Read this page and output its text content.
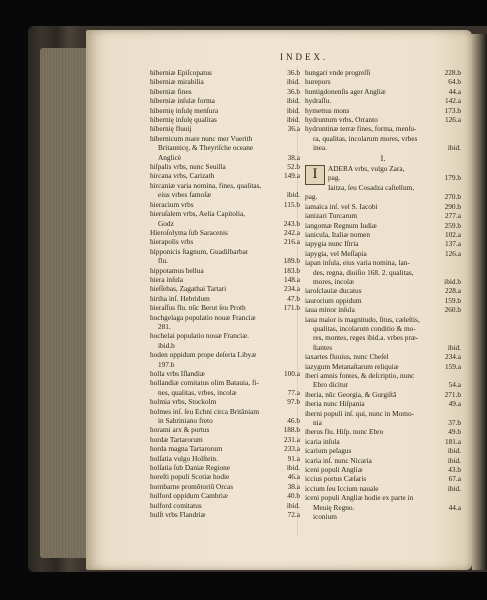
INDEX.
hiberniæ Epiſcopatus	36.b
hiberniæ mirabilia	ibid.
hiberniæ fines	36.b
hiberniæ inſulæ forma	ibid.
hibernię inſulę menſura	ibid.
hibernię inſulę qualitas	ibid.
hibernię fluuij	36.a
hibernicum mare nunc mer Vuerith
Britannicę, & Theyriſche oceane
Anglicè	38.a
hiſpalis vrbs, nunc Seuilla	52.b
hircana vrbs, Carizath	149.a
hircaniæ varia nomina, fines, qualitas,
eius vrbes famoſæ	ibid.
hieracium vrbs	115.b
hieruſalem vrbs, Aelia Capitolia,
Godz	243.b
Hieroſolyma ſub Saracenis	242.a
hierapolis vrbs	216.a
hipponicis ſtagnum, Guadilbarbar
flu.	189.b
hippotamus bellua	183.b
hiera inſula	148.a
hieſſebas, Zagathai Tartari	234.a
hirtha inſ. Hebridum	47.b
hieraſſus flu. nūc Berut ſeu Proth	171.b
hochgelaga populatio nouæ Franciæ
281.
hochelai populatio nouæ Franciæ.
ibid.b
hoden oppidum prope deſerta Libyæ
197.b
holla vrbs Iſlandiæ	100.a
hollandiæ comitatus olim Batauia, fi-
nes, qualitas, vrbes, incolæ	77.a
holmia vrbs, Stockolm	97.b
holmes inſ. ſeu Echni circa Britãniam
in Sabriniano freto	46.b
horami arx & portus	188.b
hordæ Tartarorum	231.a
horda magna Tartarorum	233.a
holſatia vulgo Holſtein.	91.a
holſatia ſub Daniæ Regione	ibid.
horeſti populi Scotiæ hodie	46.a
hornbarne promõtoriũ Orcas	38.a
hulford oppidum Cambriæ	40.b
hulford comitatus	ibid.
hulſt vrbs Flandriæ	72.a
hungari vnde progreſſi	228.b
hurepors	64.b
huntigdonenſis ager Angliæ	44.a
hydraſſu.	142.a
hymettus mons	173.b
hydruntum vrbs, Orranto	126.a
hydruntinæ terræ fines, forma, menſu-
ra, qualitas, incolarum mores, vrbes
inea.	ibid.
I.
I	ADERA vrbs, vulgo Zara,
pag.	179.b
Iaitza, ſeu Cosadza caſtellum,
pag.	270.b
iamaica inſ. vel S. Iacobi	290.b
ianizari Turcarum	277.a
iangomæ Regnum Iudiæ	259.b
ianicula, Italiæ nomen	102.a
iapygia nunc Iſtria	137.a
iapygia, vel Meſſapia	126.a
iapan inſula, eius varia nomina, lan-
des, regna, diuiſio 168. 2. qualitas,
mores, incolæ	ibid.b
iaroſclauiæ ducatus	228.a
iaurorium oppidum	159.b
iaua minor inſula	260.b
iaua maior is magnitudo, ſitus, cæleſtis,
qualitas, incolarum conditio & mo-
res, montes, reges ibid.a. vrbes præ-
ſtantes	ibid.
iaxartes fluuius, nunc Cheſel	234.a
iazygum Metanaſtarum reliquiæ	159.a
iberi amnis fontes, & deſcriptio, nunc
Ebro dicitur	54.a
iberia, nūc Georgia, & Gurgiſtā	271.b
iberia nunc Hiſpania	49.a
iberni populi inſ. qui, nunc in Momo-
nia	37.b
iberus flu. Hiſp. nunc Ebro	49.b
icaria inſula	181.a
icarium pelagus	ibid.
icaria inſ. nunc Nicaria	ibid.
iceni populi Angliæ	43.b
iccius portus Cæſaris	67.a
iccium ſeu Iccium nauale	ibid.
iceni populi Angliæ hodie ex parte in
Meuię Regno.	44.a
iconium
